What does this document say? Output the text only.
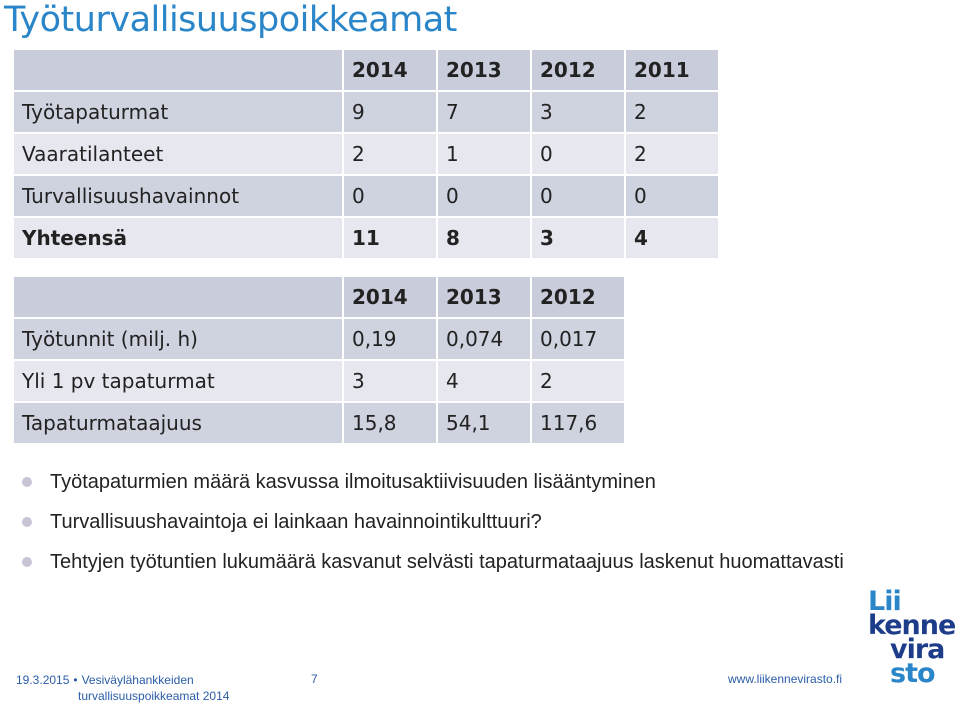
Työturvallisuuspoikkeamat
	2014	2013	2012	2011
Työtapaturmat	9	7	3	2
Vaaratilanteet	2	1	0	2
Turvallisuushavainnot	0	0	0	0
Yhteensä	11	8	3	4
	2014	2013	2012
Työtunnit (milj. h)	0,19	0,074	0,017
Yli 1 pv tapaturmat	3	4	2
Tapaturmataajuus	15,8	54,1	117,6
Työtapaturmien määrä kasvussa ilmoitusaktiivisuuden lisääntyminen
Turvallisuushavaintoja ei lainkaan havainnointikulttuuri?
Tehtyjen työtuntien lukumäärä kasvanut selvästi tapaturmataajuus laskenut huomattavasti
19.3.2015 • Vesiväylähankkeiden
turvallisuuspoikkeamat 2014
7	www.liikennevirasto.fi
Lii
kenne
vira
sto
